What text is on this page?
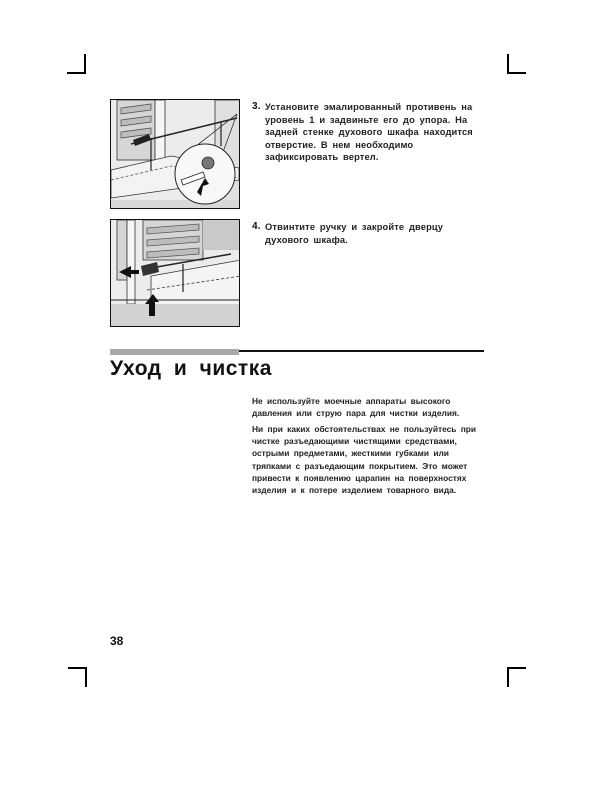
3. Установите эмалированный противень на уровень 1 и задвиньте его до упора. На задней стенке духового шкафа находится отверстие. В нем необходимо зафиксировать вертел.
4. Отвинтите ручку и закройте дверцу духового шкафа.
Уход и чистка
Не используйте моечные аппараты высокого давления или струю пара для чистки изделия.
Ни при каких обстоятельствах не пользуйтесь при чистке разъедающими чистящими средствами, острыми предметами, жесткими губками или тряпками с разъедающим покрытием. Это может привести к появлению царапин на поверхностях изделия и к потере изделием товарного вида.
38
